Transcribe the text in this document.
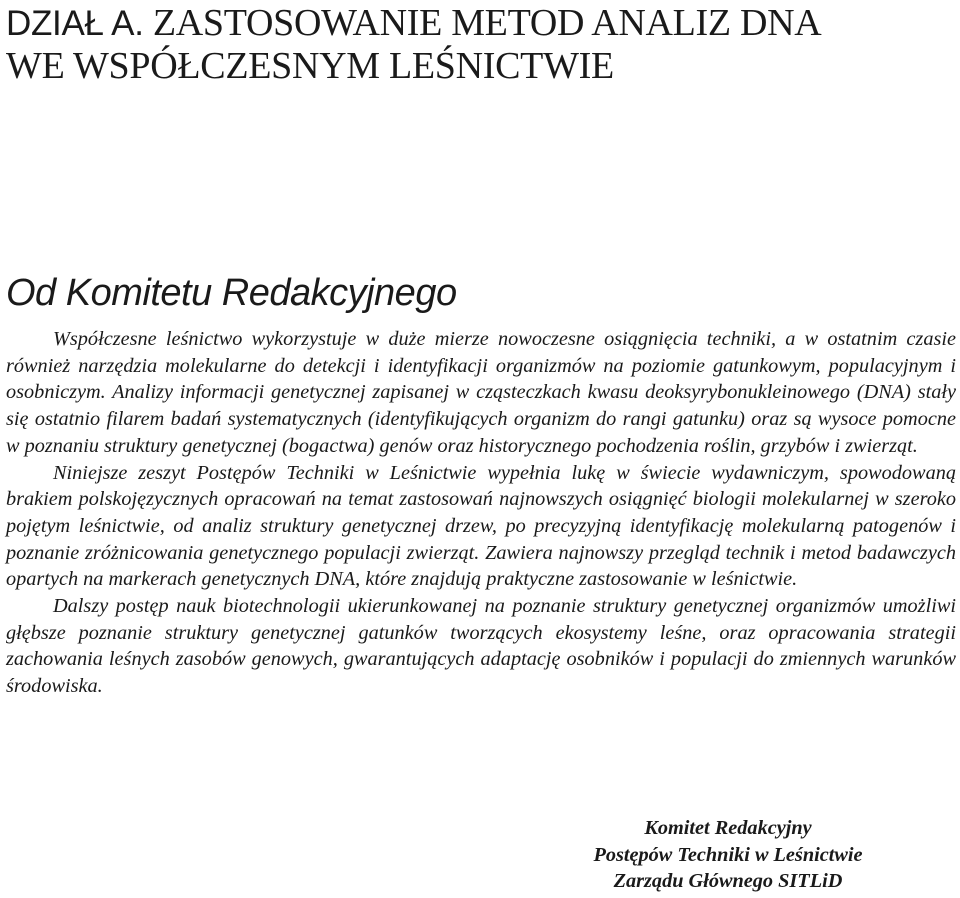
DZIAŁ A. ZASTOSOWANIE METOD ANALIZ DNA
WE WSPÓŁCZESNYM LEŚNICTWIE
Od Komitetu Redakcyjnego

Współczesne leśnictwo wykorzystuje w duże mierze nowoczesne osiągnięcia techniki, a w ostatnim czasie również narzędzia molekularne do detekcji i identyfikacji organizmów na poziomie gatunkowym, populacyjnym i osobniczym. Analizy informacji genetycznej zapisanej w cząsteczkach kwasu deoksyrybonukleinowego (DNA) stały się ostatnio filarem badań systematycznych (identyfikujących organizm do rangi gatunku) oraz są wysoce pomocne w poznaniu struktury genetycznej (bogactwa) genów oraz historycznego pochodzenia roślin, grzybów i zwierząt.

Niniejsze zeszyt Postępów Techniki w Leśnictwie wypełnia lukę w świecie wydawniczym, spowodowaną brakiem polskojęzycznych opracowań na temat zastosowań najnowszych osiągnięć biologii molekularnej w szeroko pojętym leśnictwie, od analiz struktury genetycznej drzew, po precyzyjną identyfikację molekularną patogenów i poznanie zróżnicowania genetycznego populacji zwierząt. Zawiera najnowszy przegląd technik i metod badawczych opartych na markerach genetycznych DNA, które znajdują praktyczne zastosowanie w leśnictwie.

Dalszy postęp nauk biotechnologii ukierunkowanej na poznanie struktury genetycznej organizmów umożliwi głębsze poznanie struktury genetycznej gatunków tworzących ekosystemy leśne, oraz opracowania strategii zachowania leśnych zasobów genowych, gwarantujących adaptację osobników i populacji do zmiennych warunków środowiska.

Komitet Redakcyjny
Postępów Techniki w Leśnictwie
Zarządu Głównego SITLiD
